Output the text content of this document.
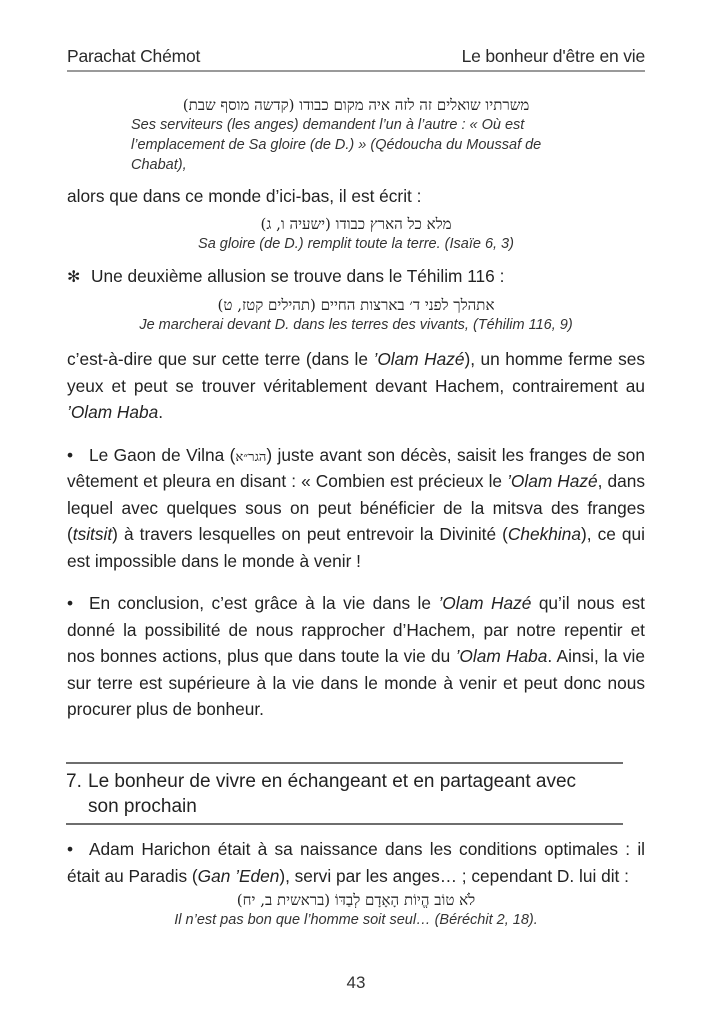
Parachat Chémot	Le bonheur d'être en vie
משרתיו שואלים זה לזה איה מקום כבודו (קדשה מוסף שבת)
Ses serviteurs (les anges) demandent l’un à l’autre : « Où est l’emplacement de Sa gloire (de D.) » (Qédoucha du Moussaf de Chabat),

alors que dans ce monde d’ici-bas, il est écrit :

מלא כל הארץ כבודו (ישעיה ו, ג)
Sa gloire (de D.) remplit toute la terre. (Isaïe 6, 3)

✻ Une deuxième allusion se trouve dans le Téhilim 116 :

אתהלך לפני ד׳ בארצות החיים (תהילים קטז, ט)
Je marcherai devant D. dans les terres des vivants, (Téhilim 116, 9)

c’est-à-dire que sur cette terre (dans le ’Olam Hazé), un homme ferme ses yeux et peut se trouver véritablement devant Hachem, contrairement au ’Olam Haba.

• Le Gaon de Vilna (הגר״א) juste avant son décès, saisit les franges de son vêtement et pleura en disant : « Combien est précieux le ’Olam Hazé, dans lequel avec quelques sous on peut bénéficier de la mitsva des franges (tsitsit) à travers lesquelles on peut entrevoir la Divinité (Chekhina), ce qui est impossible dans le monde à venir !

• En conclusion, c’est grâce à la vie dans le ’Olam Hazé qu’il nous est donné la possibilité de nous rapprocher d’Hachem, par notre repentir et nos bonnes actions, plus que dans toute la vie du ’Olam Haba. Ainsi, la vie sur terre est supérieure à la vie dans le monde à venir et peut donc nous procurer plus de bonheur.

7. Le bonheur de vivre en échangeant et en partageant avec
son prochain

• Adam Harichon était à sa naissance dans les conditions optimales : il était au Paradis (Gan ’Eden), servi par les anges… ; cependant D. lui dit :

לֹא טוֹב הֱיוֹת הָאָדָם לְבַדּוֹ (בראשית ב, יח)
Il n’est pas bon que l’homme soit seul… (Béréchit 2, 18).
43
